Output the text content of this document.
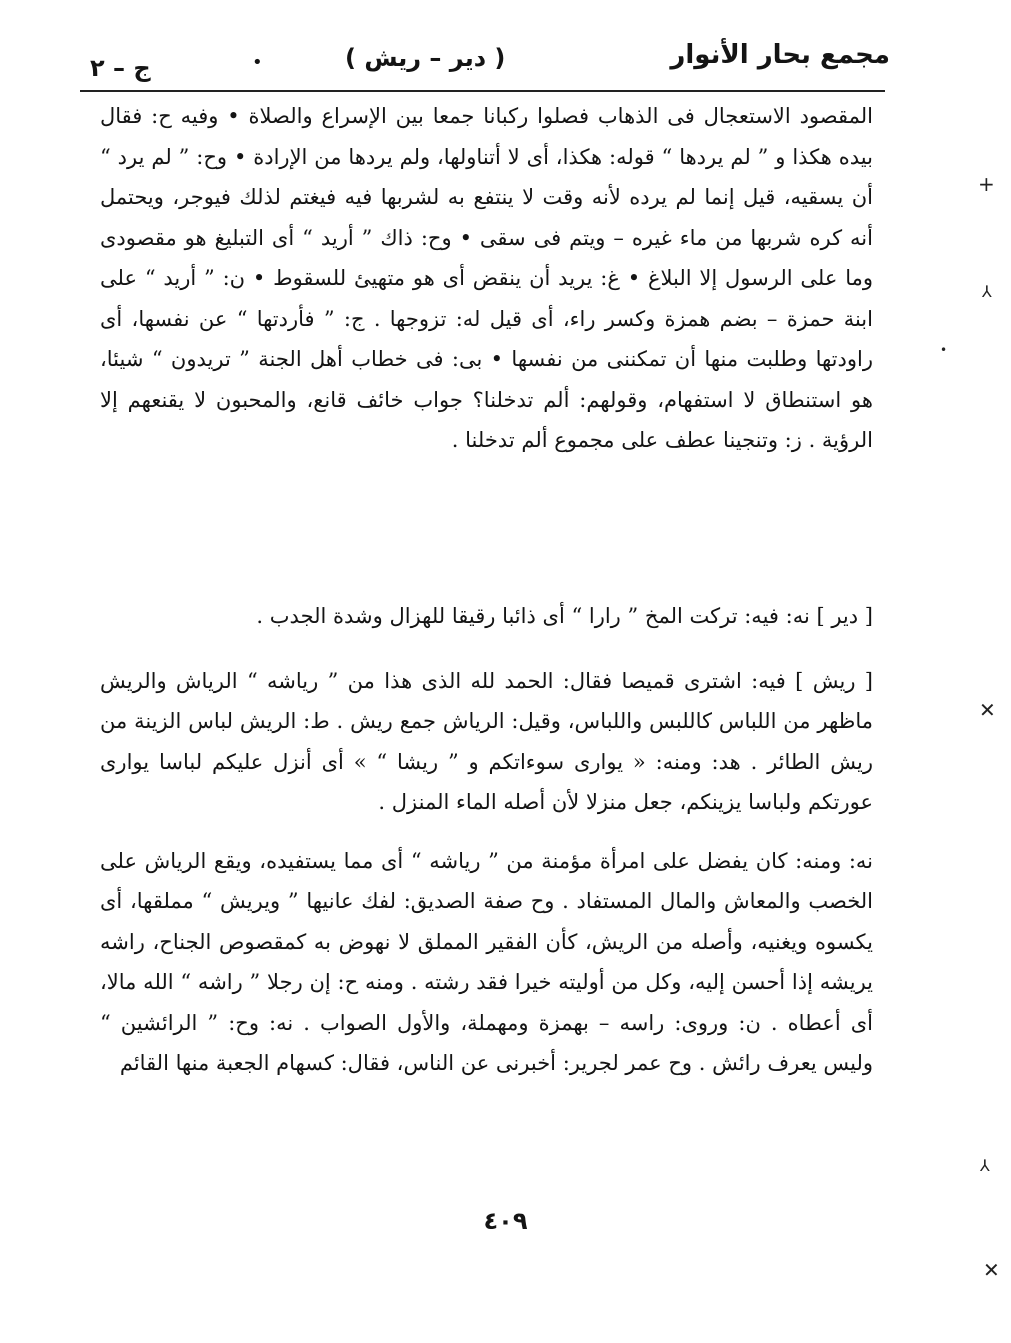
مجمع بحار الأنوار
( دير – ريش )
•
ج – ٢

المقصود الاستعجال فى الذهاب فصلوا ركبانا جمعا بين الإسراع والصلاة • وفيه ح: فقال بيده هكذا و ” لم يردها “ قوله: هكذا، أى لا أتناولها، ولم يردها من الإرادة • وح: ” لم يرد “ أن يسقيه، قيل إنما لم يرده لأنه وقت لا ينتفع به لشربها فيه فيغتم لذلك فيوجر، ويحتمل أنه كره شربها من ماء غيره – ويتم فى سقى • وح: ذاك ” أريد “ أى التبليغ هو مقصودى وما على الرسول إلا البلاغ • غ: يريد أن ينقض أى هو متهيئ للسقوط • ن: ” أريد “ على ابنة حمزة – بضم همزة وكسر راء، أى قيل له: تزوجها . ج: ” فأردتها “ عن نفسها، أى راودتها وطلبت منها أن تمكننى من نفسها • بى: فى خطاب أهل الجنة ” تريدون “ شيئا، هو استنطاق لا استفهام، وقولهم: ألم تدخلنا؟ جواب خائف قانع، والمحبون لا يقنعهم إلا الرؤية . ز: وتنجينا عطف على مجموع ألم تدخلنا .

[ دير ] نه: فيه: تركت المخ ” رارا “ أى ذائبا رقيقا للهزال وشدة الجدب .

[ ريش ] فيه: اشترى قميصا فقال: الحمد لله الذى هذا من ” رياشه “ الرياش والريش ماظهر من اللباس كاللبس واللباس، وقيل: الرياش جمع ريش . ط: الريش لباس الزينة من ريش الطائر . هد: ومنه: « يوارى سوءاتكم و ” ريشا “ » أى أنزل عليكم لباسا يوارى عورتكم ولباسا يزينكم، جعل منزلا لأن أصله الماء المنزل .

نه: ومنه: كان يفضل على امرأة مؤمنة من ” رياشه “ أى مما يستفيده، ويقع الرياش على الخصب والمعاش والمال المستفاد . وح صفة الصديق: لفك عانيها ” ويريش “ مملقها، أى يكسوه ويغنيه، وأصله من الريش، كأن الفقير المملق لا نهوض به كمقصوص الجناح، راشه يريشه إذا أحسن إليه، وكل من أوليته خيرا فقد رشته . ومنه ح: إن رجلا ” راشه “ الله مالا، أى أعطاه . ن: وروى: راسه – بهمزة ومهملة، والأول الصواب . نه: وح: ” الرائشين “ وليس يعرف رائش . وح عمر لجرير: أخبرنى عن الناس، فقال: كسهام الجعبة منها القائم

٤٠٩
+
⅄
•
✕
⅄
✕
